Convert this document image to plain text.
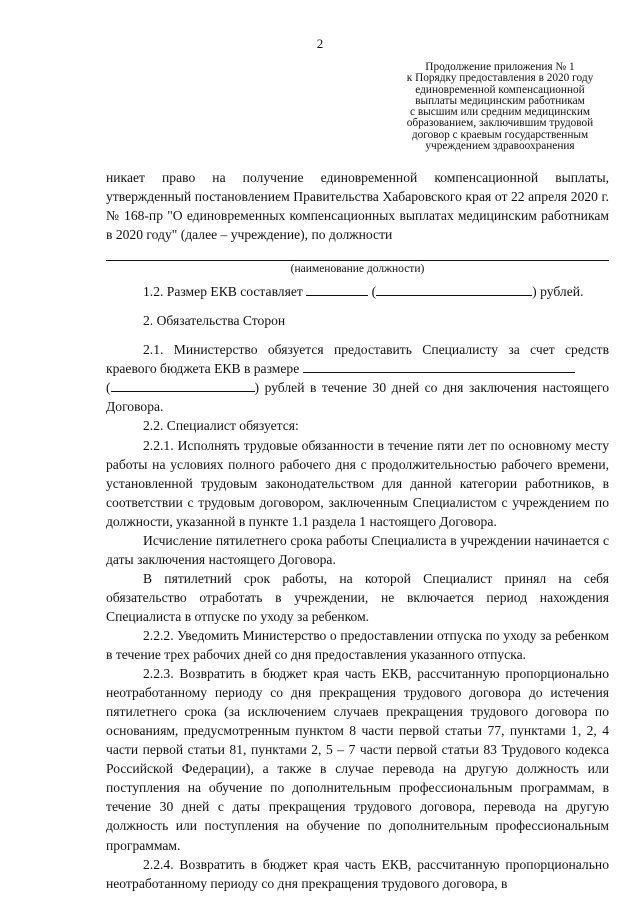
2
Продолжение приложения № 1
к Порядку предоставления в 2020 году
единовременной компенсационной
выплаты медицинским работникам
с высшим или средним медицинским
образованием, заключившим трудовой
договор с краевым государственным
учреждением здравоохранения

никает право на получение единовременной компенсационной выплаты, утвержденный постановлением Правительства Хабаровского края от 22 апреля 2020 г. № 168-пр "О единовременных компенсационных выплатах медицинским работникам в 2020 году" (далее – учреждение), по должности

(наименование должности)

1.2. Размер ЕКВ составляет	(	) рублей.

2. Обязательства Сторон

2.1. Министерство обязуется предоставить Специалисту за счет средств краевого бюджета ЕКВ в размере
(	) рублей в течение 30 дней со дня заключения настоящего Договора.

2.2. Специалист обязуется:

2.2.1. Исполнять трудовые обязанности в течение пяти лет по основному месту работы на условиях полного рабочего дня с продолжительностью рабочего времени, установленной трудовым законодательством для данной категории работников, в соответствии с трудовым договором, заключенным Специалистом с учреждением по должности, указанной в пункте 1.1 раздела 1 настоящего Договора.

Исчисление пятилетнего срока работы Специалиста в учреждении начинается с даты заключения настоящего Договора.

В пятилетний срок работы, на которой Специалист принял на себя обязательство отработать в учреждении, не включается период нахождения Специалиста в отпуске по уходу за ребенком.

2.2.2. Уведомить Министерство о предоставлении отпуска по уходу за ребенком в течение трех рабочих дней со дня предоставления указанного отпуска.

2.2.3. Возвратить в бюджет края часть ЕКВ, рассчитанную пропорционально неотработанному периоду со дня прекращения трудового договора до истечения пятилетнего срока (за исключением случаев прекращения трудового договора по основаниям, предусмотренным пунктом 8 части первой статьи 77, пунктами 1, 2, 4 части первой статьи 81, пунктами 2, 5 – 7 части первой статьи 83 Трудового кодекса Российской Федерации), а также в случае перевода на другую должность или поступления на обучение по дополнительным профессиональным программам, в течение 30 дней с даты прекращения трудового договора, перевода на другую должность или поступления на обучение по дополнительным профессиональным программам.

2.2.4. Возвратить в бюджет края часть ЕКВ, рассчитанную пропорционально неотработанному периоду со дня прекращения трудового договора, в
